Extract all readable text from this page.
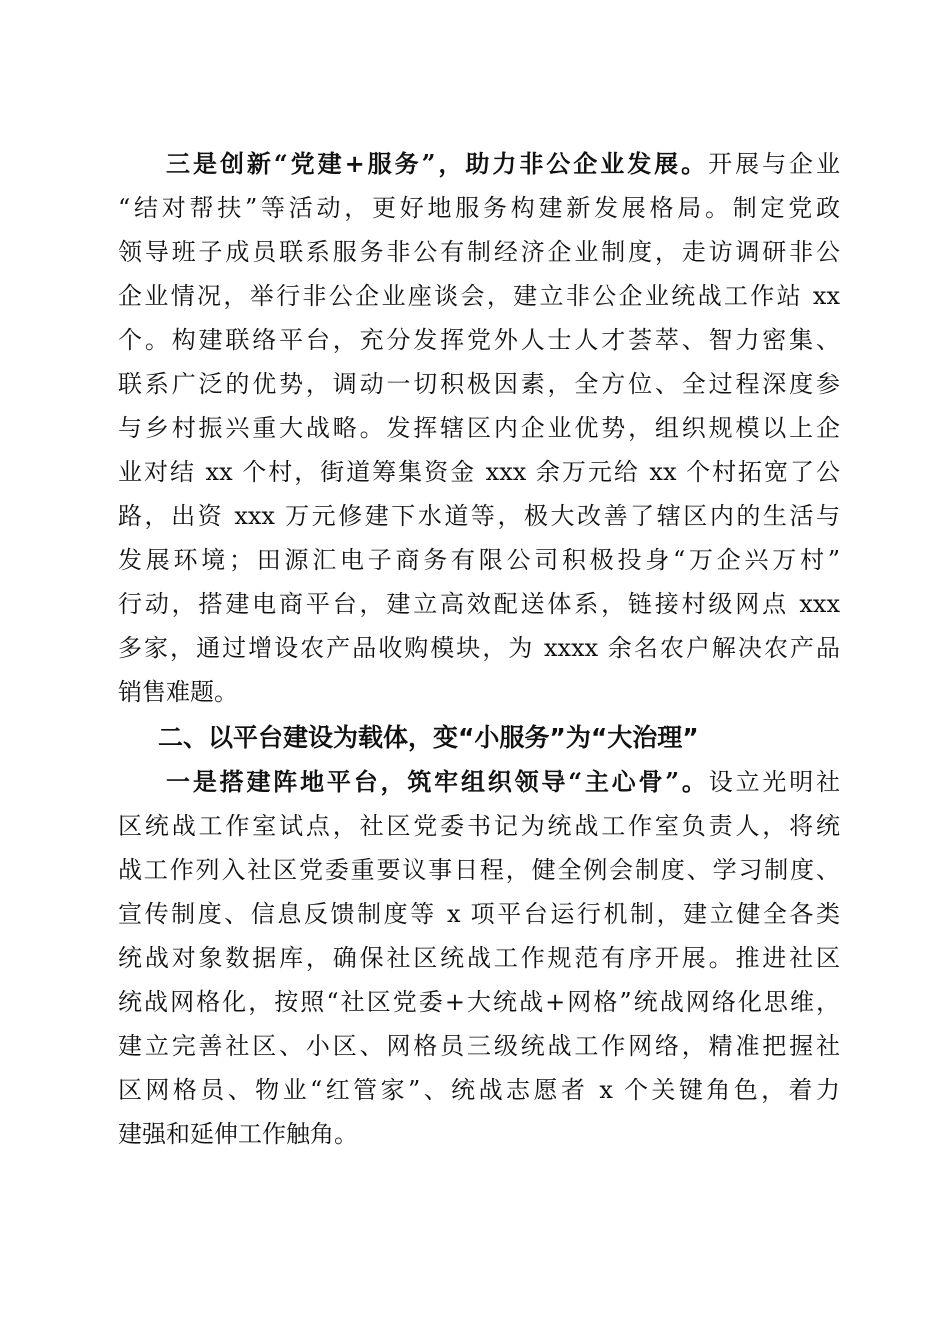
三是创新“党建+服务”，助力非公企业发展。开展与企业
“结对帮扶”等活动，更好地服务构建新发展格局。制定党政
领导班子成员联系服务非公有制经济企业制度，走访调研非公
企业情况，举行非公企业座谈会，建立非公企业统战工作站 xx
个。构建联络平台，充分发挥党外人士人才荟萃、智力密集、
联系广泛的优势，调动一切积极因素，全方位、全过程深度参
与乡村振兴重大战略。发挥辖区内企业优势，组织规模以上企
业对结 xx 个村，街道筹集资金 xxx 余万元给 xx 个村拓宽了公
路，出资 xxx 万元修建下水道等，极大改善了辖区内的生活与
发展环境；田源汇电子商务有限公司积极投身“万企兴万村”
行动，搭建电商平台，建立高效配送体系，链接村级网点 xxx
多家，通过增设农产品收购模块，为 xxxx 余名农户解决农产品
销售难题。
二、以平台建设为载体，变“小服务”为“大治理”
一是搭建阵地平台，筑牢组织领导“主心骨”。设立光明社
区统战工作室试点，社区党委书记为统战工作室负责人，将统
战工作列入社区党委重要议事日程，健全例会制度、学习制度、
宣传制度、信息反馈制度等 x 项平台运行机制，建立健全各类
统战对象数据库，确保社区统战工作规范有序开展。推进社区
统战网格化，按照“社区党委+大统战+网格”统战网络化思维，
建立完善社区、小区、网格员三级统战工作网络，精准把握社
区网格员、物业“红管家”、统战志愿者 x 个关键角色，着力
建强和延伸工作触角。
